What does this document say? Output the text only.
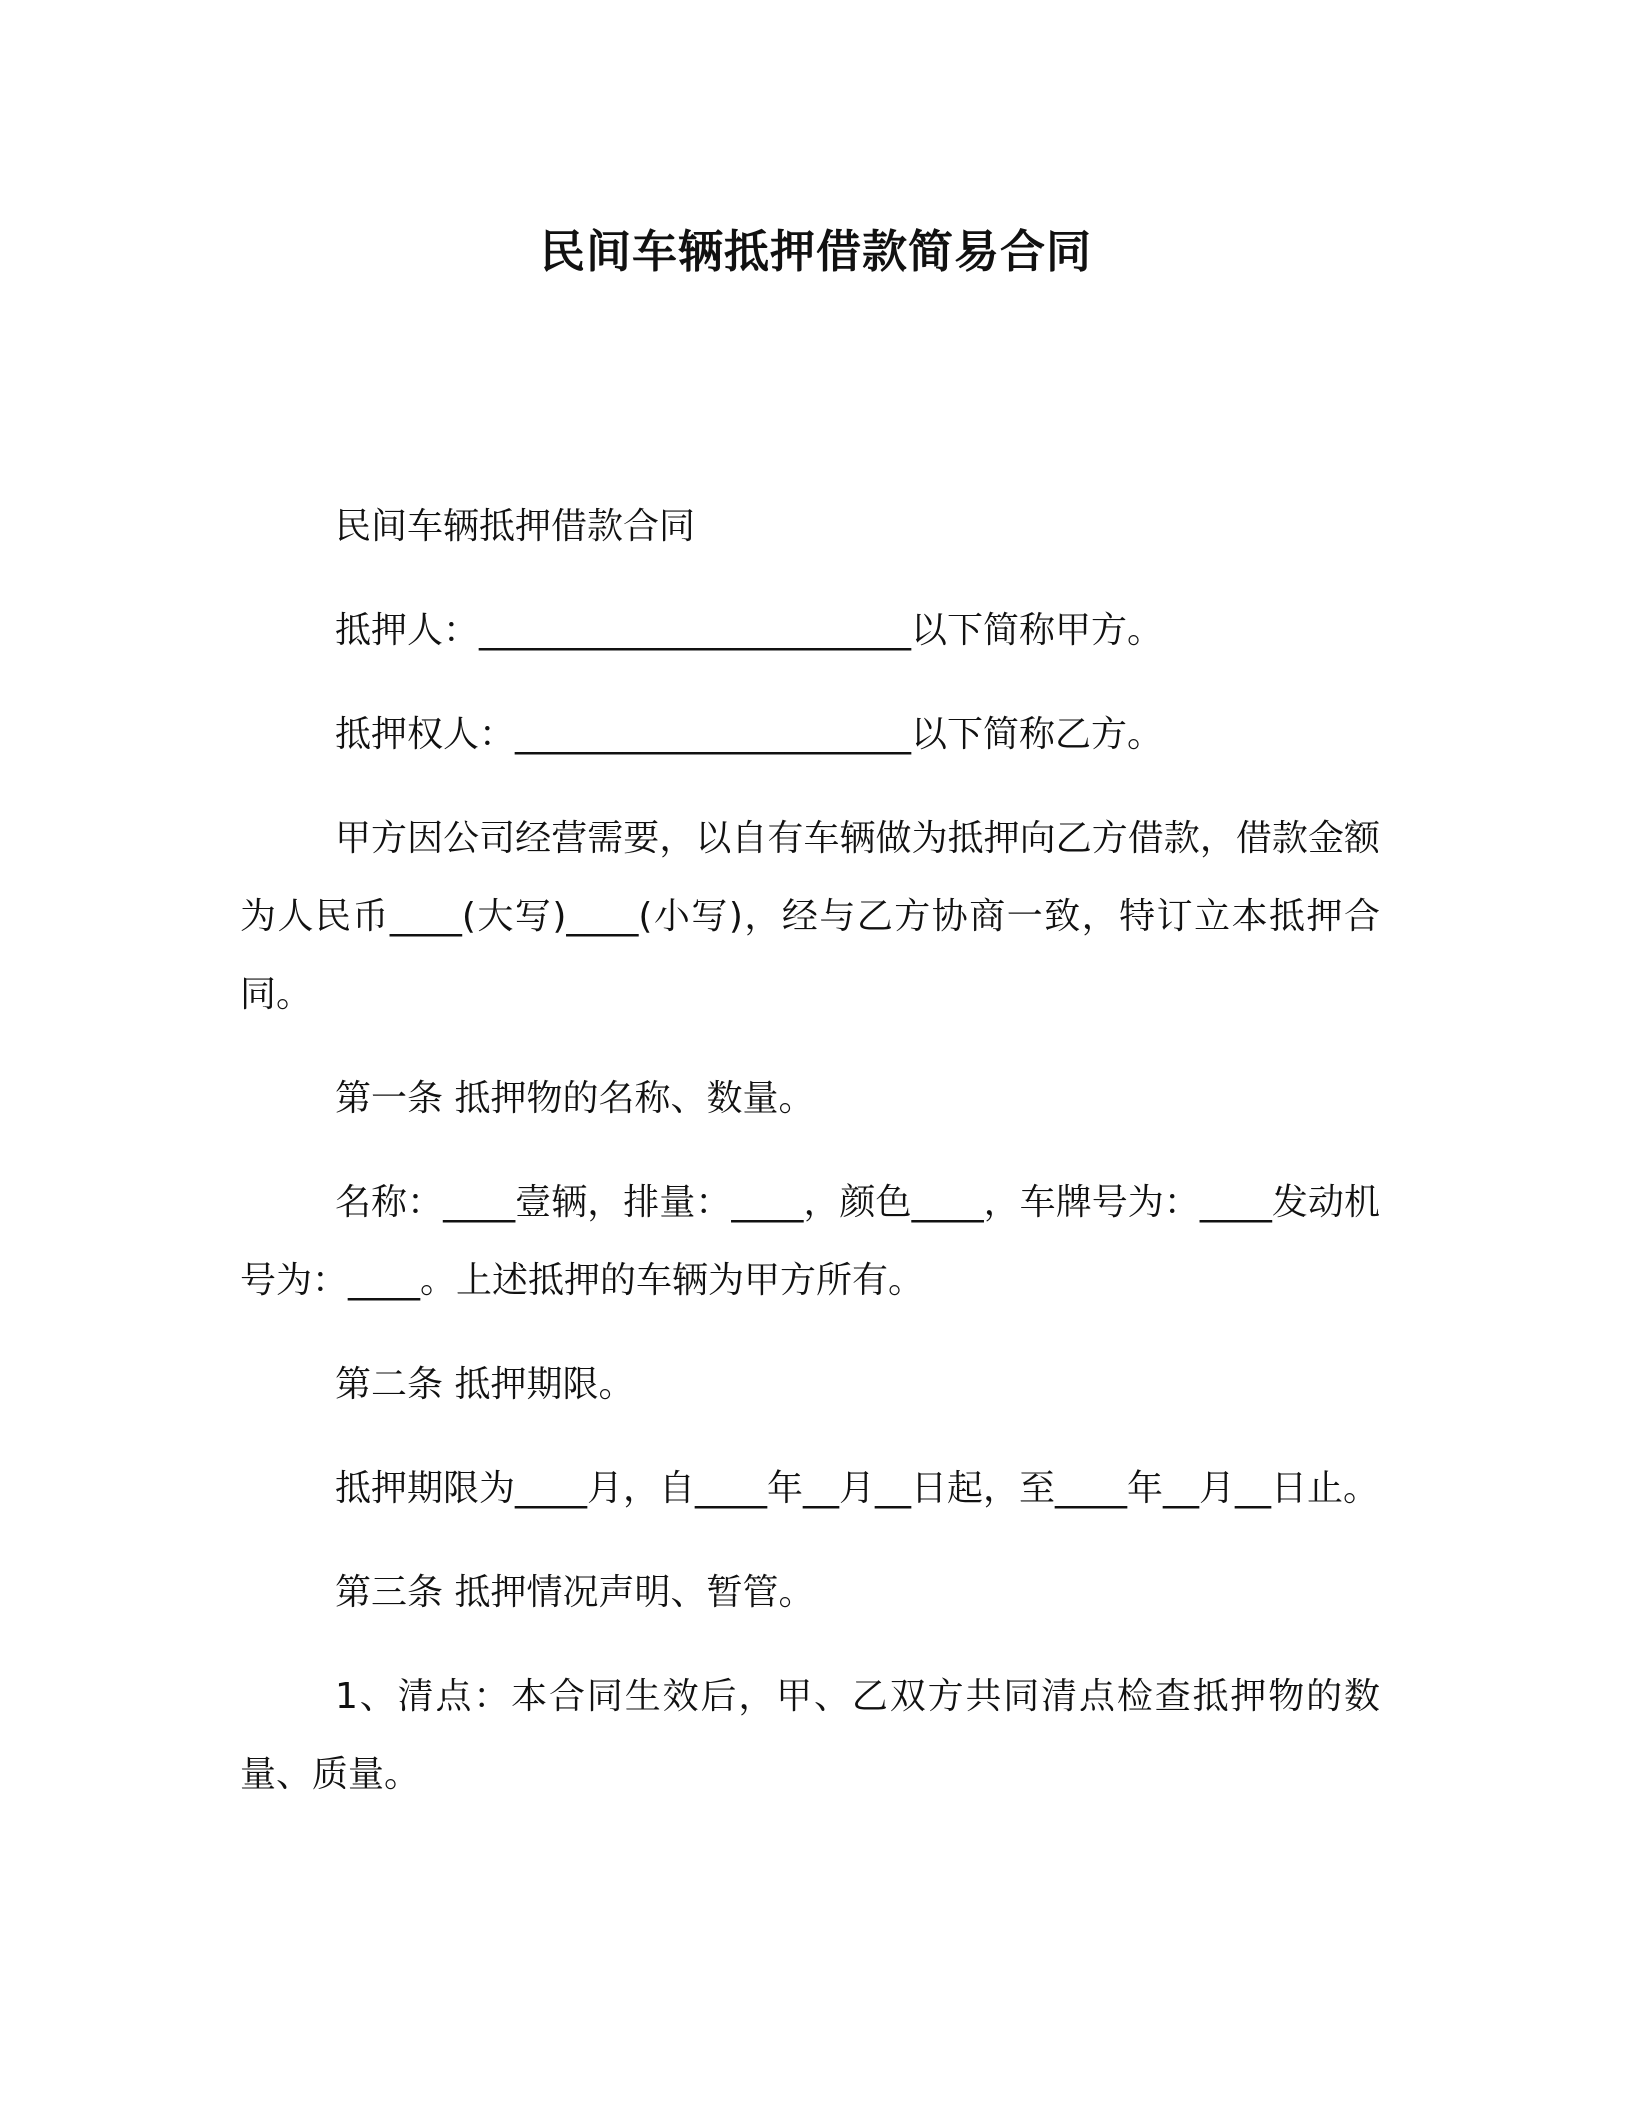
民间车辆抵押借款简易合同

民间车辆抵押借款合同

抵押人：________________________以下简称甲方。

抵押权人：______________________以下简称乙方。

甲方因公司经营需要，以自有车辆做为抵押向乙方借款，借款金额为人民币____(大写)____(小写)，经与乙方协商一致，特订立本抵押合同。

第一条 抵押物的名称、数量。

名称：____壹辆，排量：____，颜色____，车牌号为：____发动机号为：____。上述抵押的车辆为甲方所有。

第二条 抵押期限。

抵押期限为____月，自____年__月__日起，至____年__月__日止。

第三条 抵押情况声明、暂管。

1、清点：本合同生效后，甲、乙双方共同清点检查抵押物的数量、质量。
